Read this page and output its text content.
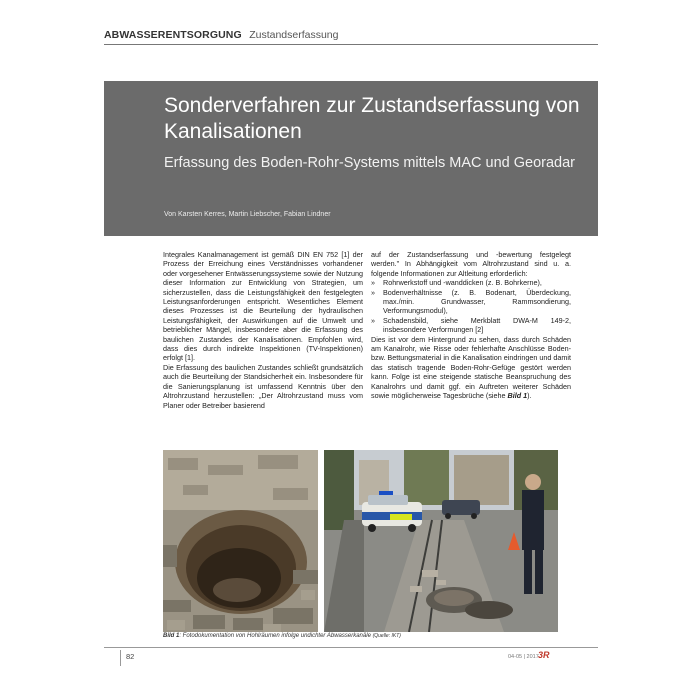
ABWASSERENTSORGUNG Zustandserfassung
Sonderverfahren zur Zustandserfassung von Kanalisationen
Erfassung des Boden-Rohr-Systems mittels MAC und Georadar
Von Karsten Kerres, Martin Liebscher, Fabian Lindner

Integrales Kanalmanagement ist gemäß DIN EN 752 [1] der Prozess der Erreichung eines Verständnisses vorhandener oder vorgesehener Entwässerungssysteme sowie der Nutzung dieser Information zur Entwicklung von Strategien, um sicherzustellen, dass die Leistungsfähigkeit den festgelegten Leistungsanforderungen entspricht. Wesentliches Element dieses Prozesses ist die Beurteilung der hydraulischen Leistungsfähigkeit, der Auswirkungen auf die Umwelt und betrieblicher Mängel, insbesondere aber die Erfassung des baulichen Zustandes der Kanalisationen. Empfohlen wird, dass dies durch indirekte Inspektionen (TV-Inspektionen) erfolgt [1].

Die Erfassung des baulichen Zustandes schließt grundsätzlich auch die Beurteilung der Standsicherheit ein. Insbesondere für die Sanierungsplanung ist umfassend Kenntnis über den Altrohrzustand herzustellen: „Der Altrohrzustand muss vom Planer oder Betreiber basierend

auf der Zustandserfassung und -bewertung festgelegt werden." In Abhängigkeit vom Altrohrzustand sind u. a. folgende Informationen zur Altleitung erforderlich:

» Rohrwerkstoff und -wanddicken (z. B. Bohrkerne),
» Bodenverhältnisse (z. B. Bodenart, Überdeckung, max./min. Grundwasser, Rammsondierung, Verformungsmodul),
» Schadensbild, siehe Merkblatt DWA-M 149-2, insbesondere Verformungen [2]

Dies ist vor dem Hintergrund zu sehen, dass durch Schäden am Kanalrohr, wie Risse oder fehlerhafte Anschlüsse Boden- bzw. Bettungsmaterial in die Kanalisation eindringen und damit das statisch tragende Boden-Rohr-Gefüge gestört werden kann. Folge ist eine steigende statische Beanspruchung des Kanalrohrs und damit ggf. ein Auftreten weiterer Schäden sowie möglicherweise Tagesbrüche (siehe Bild 1).

Bild 1: Fotodokumentation von Hohlräumen infolge undichter Abwasserkanäle (Quelle: IKT)
82	04-05 | 2017 3R
